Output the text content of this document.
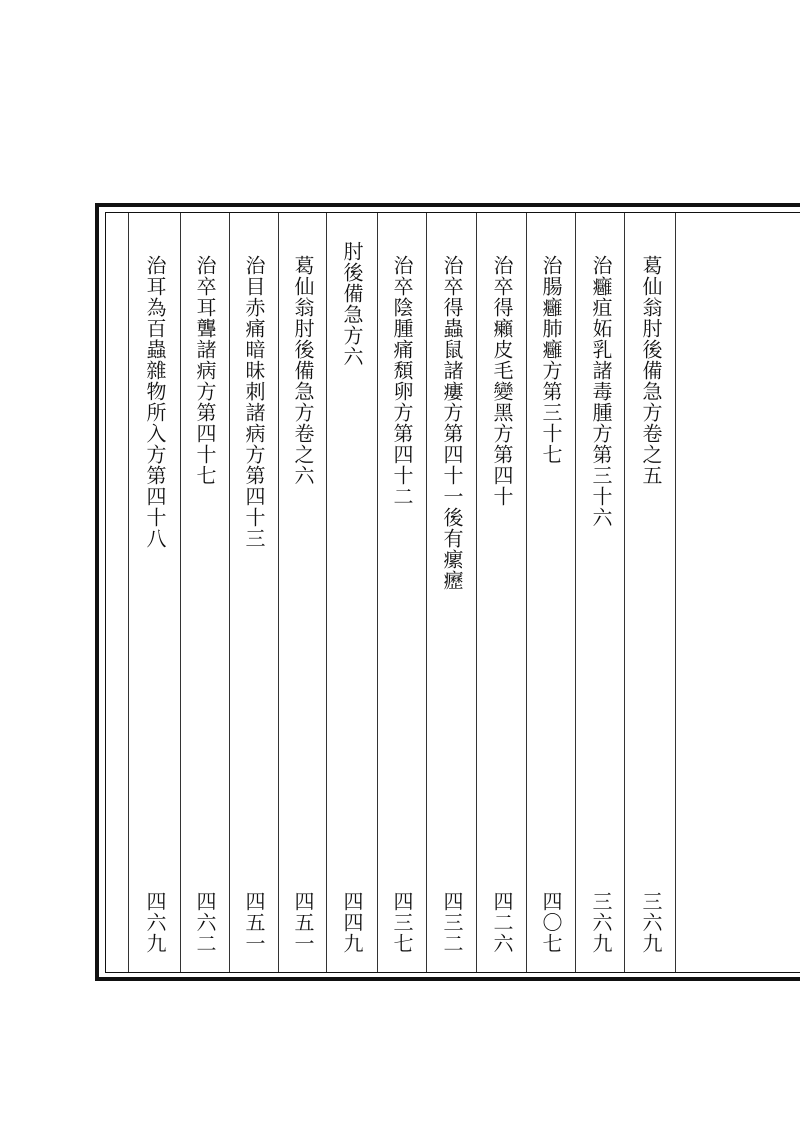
葛仙翁肘後備急方卷之五
三六九
治癰疽妬乳諸毒腫方第三十六
三六九
治腸癰肺癰方第三十七
四〇七
治卒得癩皮毛變黑方第四十
四二六
治卒得蟲鼠諸瘻方第四十一後有瘰癧
四三二
治卒陰腫痛頹卵方第四十二
四三七
肘後備急方六
四四九
葛仙翁肘後備急方卷之六
四五一
治目赤痛暗昧刺諸病方第四十三
四五一
治卒耳聾諸病方第四十七
四六二
治耳為百蟲雜物所入方第四十八
四六九
